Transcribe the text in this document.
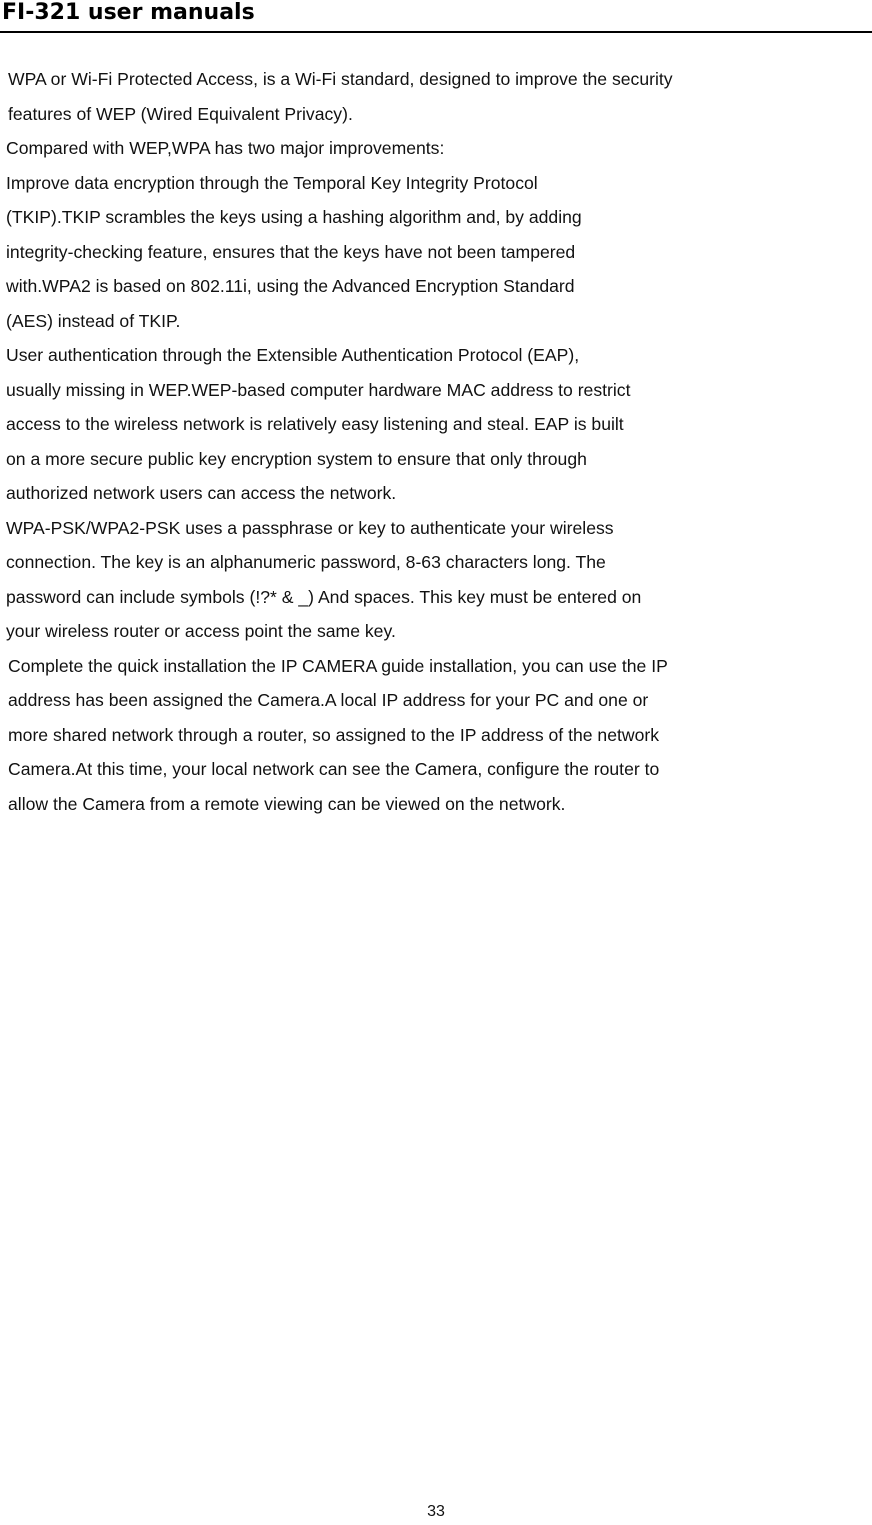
FI-321 user manuals
WPA or Wi-Fi Protected Access, is a Wi-Fi standard, designed to improve the security
features of WEP (Wired Equivalent Privacy).
Compared with WEP,WPA has two major improvements:
Improve data encryption through the Temporal Key Integrity Protocol
(TKIP).TKIP scrambles the keys using a hashing algorithm and, by adding
integrity-checking feature, ensures that the keys have not been tampered
with.WPA2 is based on 802.11i, using the Advanced Encryption Standard
(AES) instead of TKIP.
User authentication through the Extensible Authentication Protocol (EAP),
usually missing in WEP.WEP-based computer hardware MAC address to restrict
access to the wireless network is relatively easy listening and steal. EAP is built
on a more secure public key encryption system to ensure that only through
authorized network users can access the network.
WPA-PSK/WPA2-PSK uses a passphrase or key to authenticate your wireless
connection. The key is an alphanumeric password, 8-63 characters long. The
password can include symbols (!?* & _) And spaces. This key must be entered on
your wireless router or access point the same key.
Complete the quick installation the IP CAMERA guide installation, you can use the IP
address has been assigned the Camera.A local IP address for your PC and one or
more shared network through a router, so assigned to the IP address of the network
Camera.At this time, your local network can see the Camera, configure the router to
allow the Camera from a remote viewing can be viewed on the network.
33
